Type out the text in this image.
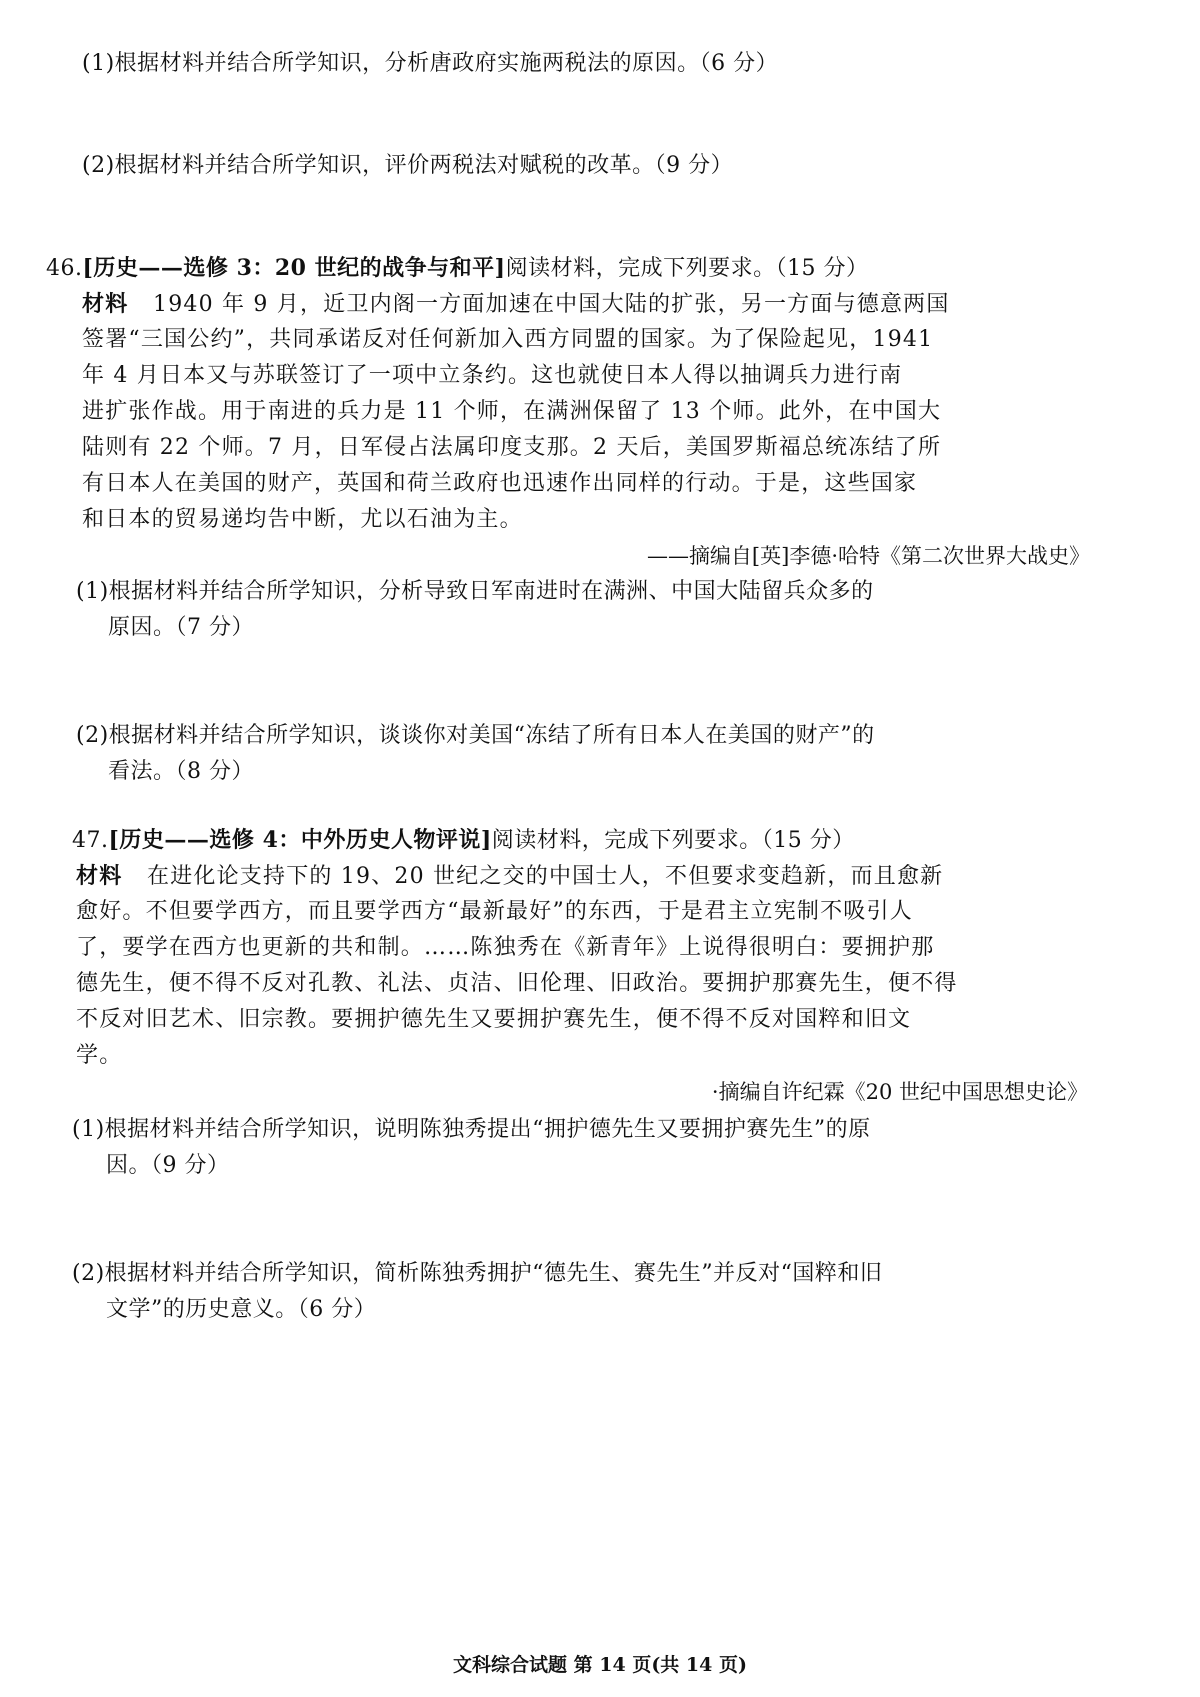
(1)根据材料并结合所学知识，分析唐政府实施两税法的原因。（6 分）
(2)根据材料并结合所学知识，评价两税法对赋税的改革。（9 分）
46.[历史——选修 3：20 世纪的战争与和平]阅读材料，完成下列要求。（15 分）
材料 1940 年 9 月，近卫内阁一方面加速在中国大陆的扩张，另一方面与德意两国
签署“三国公约”，共同承诺反对任何新加入西方同盟的国家。为了保险起见，1941
年 4 月日本又与苏联签订了一项中立条约。这也就使日本人得以抽调兵力进行南
进扩张作战。用于南进的兵力是 11 个师，在满洲保留了 13 个师。此外，在中国大
陆则有 22 个师。7 月，日军侵占法属印度支那。2 天后，美国罗斯福总统冻结了所
有日本人在美国的财产，英国和荷兰政府也迅速作出同样的行动。于是，这些国家
和日本的贸易递均告中断，尤以石油为主。
——摘编自[英]李德·哈特《第二次世界大战史》
(1)根据材料并结合所学知识，分析导致日军南进时在满洲、中国大陆留兵众多的
原因。（7 分）
(2)根据材料并结合所学知识，谈谈你对美国“冻结了所有日本人在美国的财产”的
看法。（8 分）
47.[历史——选修 4：中外历史人物评说]阅读材料，完成下列要求。（15 分）
材料 在进化论支持下的 19、20 世纪之交的中国士人，不但要求变趋新，而且愈新
愈好。不但要学西方，而且要学西方“最新最好”的东西，于是君主立宪制不吸引人
了，要学在西方也更新的共和制。……陈独秀在《新青年》上说得很明白：要拥护那
德先生，便不得不反对孔教、礼法、贞洁、旧伦理、旧政治。要拥护那赛先生，便不得
不反对旧艺术、旧宗教。要拥护德先生又要拥护赛先生，便不得不反对国粹和旧文
学。
·摘编自许纪霖《20 世纪中国思想史论》
(1)根据材料并结合所学知识，说明陈独秀提出“拥护德先生又要拥护赛先生”的原
因。（9 分）
(2)根据材料并结合所学知识，简析陈独秀拥护“德先生、赛先生”并反对“国粹和旧
文学”的历史意义。（6 分）
文科综合试题 第 14 页(共 14 页)
